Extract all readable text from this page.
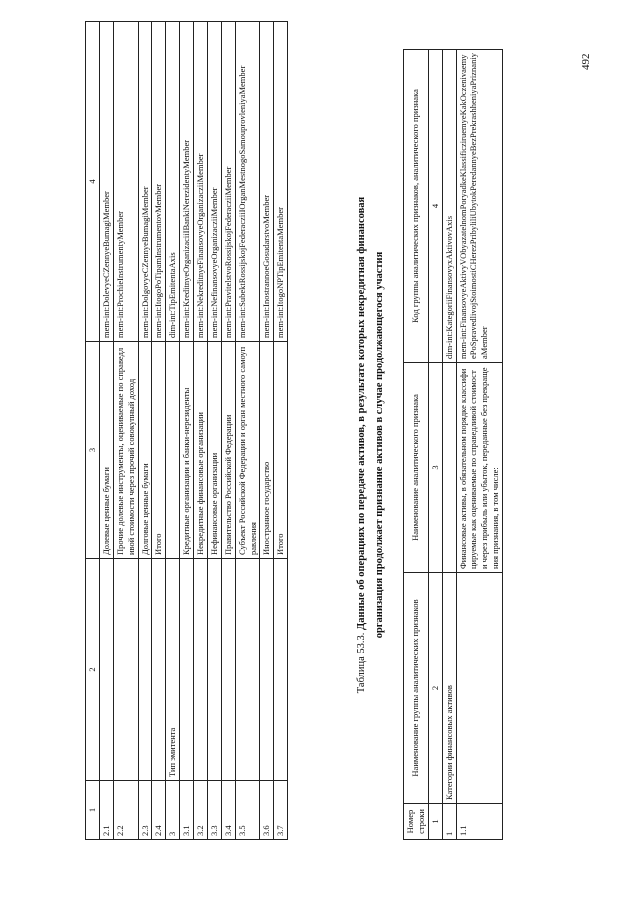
492
1	2	3	4
2.1		Долевые ценные бумаги	mem-int:DolevyeCZennyeBumagiMember
2.2		Прочие долевые инструменты, оцениваемые по справедливой стоимости через прочий совокупный доход	mem-int:ProchieInstrumentyMember
2.3		Долговые ценные бумаги	mem-int:DolgovyeCZennyeBumagiMember
2.4		Итого	mem-int:ItogoPoTipamInstrumentovMember
3	Тип эмитента		dim-int:TipEmitentaAxis
3.1		Кредитные организации и банки-нерезиденты	mem-int:KreditnyeOrganizaciiIBankiNerezidentyMember
3.2		Некредитные финансовые организации	mem-int:NekreditnyeFinansovyeOrganizacziiMember
3.3		Нефинансовые организации	mem-int:NefinansovyeOrganizacziiMember
3.4		Правительство Российской Федерации	mem-int:PravitelstvoRossijskojFederacziiMember
3.5		Субъект Российской Федерации и орган местного самоуправления	mem-int:SubektRossijskojFederacziiIOrganMestnogoSamouprovleniyaMember
3.6		Иностранное государство	mem-int:InostrannoeGosudarstvoMember
3.7		Итого	mem-int:ItogoNPTipEmitentaMember
Таблица 53.3. Данные об операциях по передаче активов, в результате которых некредитная финансовая организация продолжает признание активов в случае продолжающегося участия
Номер строки	Наименование группы аналитических признаков	Наименование аналитического признака	Код группы аналитических признаков, аналитического признака
1	2	3	4
1	Категории финансовых активов		dim-int:KategoriiFinansovyxAktivovAxis
1.1		Финансовые активы, в обязательном порядке классифицируемые как оцениваемые по справедливой стоимости через прибыль или убыток, переданные без прекращения признания, в том числе:	mem-int:FinansovyeAktivyVObyazatelnomPoryadkeKlassificziruemyeKakOczenivaemyePoSpravedlivojStoimostiCHerezPribyliliUbytokPeredannyeBezPrekrashheniyaPriznaniyaMember
